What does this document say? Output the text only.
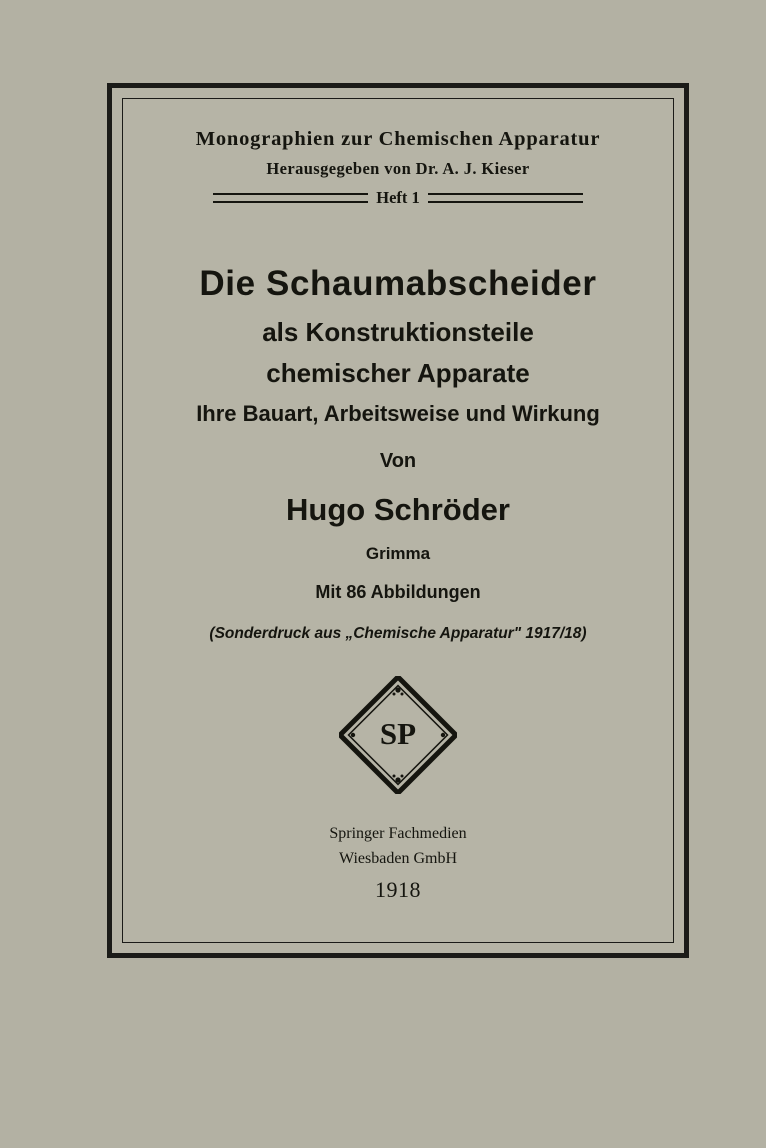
Monographien zur Chemischen Apparatur
Herausgegeben von Dr. A. J. Kieser
Heft 1
Die Schaumabscheider
als Konstruktionsteile
chemischer Apparate
Ihre Bauart, Arbeitsweise und Wirkung
Von
Hugo Schröder
Grimma
Mit 86 Abbildungen
(Sonderdruck aus „Chemische Apparatur" 1917/18)
SP
Springer Fachmedien
Wiesbaden GmbH
1918
